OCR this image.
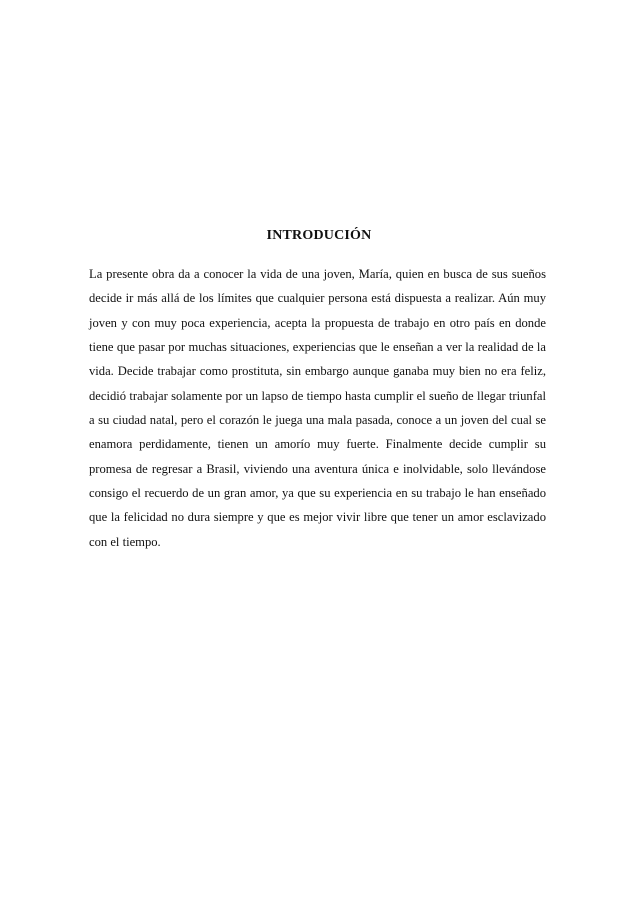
INTRODUCIÓN

La presente obra da a conocer la vida de una joven, María, quien en busca de sus sueños decide ir más allá de los límites que cualquier persona está dispuesta a realizar. Aún muy joven y con muy poca experiencia, acepta la propuesta de trabajo en otro país en donde tiene que pasar por muchas situaciones, experiencias que le enseñan a ver la realidad de la vida. Decide trabajar como prostituta, sin embargo aunque ganaba muy bien no era feliz, decidió trabajar solamente por un lapso de tiempo hasta cumplir el sueño de llegar triunfal a su ciudad natal, pero el corazón le juega una mala pasada, conoce a un joven del cual se enamora perdidamente, tienen un amorío muy fuerte. Finalmente decide cumplir su promesa de regresar a Brasil, viviendo una aventura única e inolvidable, solo llevándose consigo el recuerdo de un gran amor, ya que su experiencia en su trabajo le han enseñado que la felicidad no dura siempre y que es mejor vivir libre que tener un amor esclavizado con el tiempo.
